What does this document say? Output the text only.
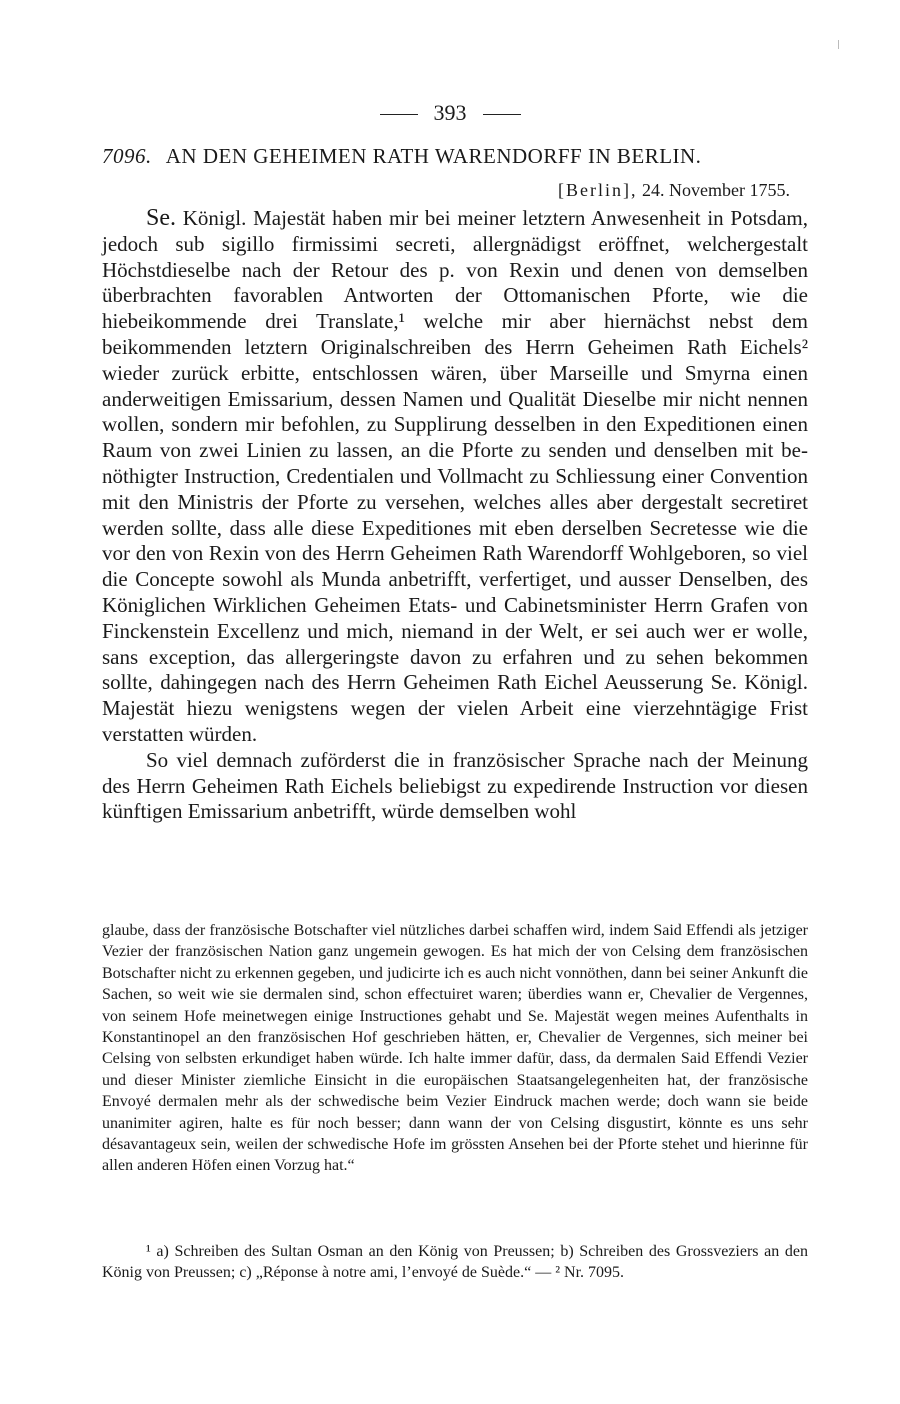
393
7096. AN DEN GEHEIMEN RATH WARENDORFF IN BERLIN.
[Berlin], 24. November 1755.

Se. Königl. Majestät haben mir bei meiner letztern Anwesenheit in Potsdam, jedoch sub sigillo firmissimi secreti, allergnädigst eröffnet, welchergestalt Höchstdieselbe nach der Retour des p. von Rexin und denen von demselben überbrachten favorablen Antworten der Ottomanischen Pforte, wie die hiebeikommende drei Translate,¹ welche mir aber hiernächst nebst dem beikommenden letztern Originalschreiben des Herrn Geheimen Rath Eichels² wieder zurück erbitte, entschlossen wären, über Marseille und Smyrna einen anderweitigen Emissarium, dessen Namen und Qualität Dieselbe mir nicht nennen wollen, sondern mir befohlen, zu Supplirung desselben in den Expeditionen einen Raum von zwei Linien zu lassen, an die Pforte zu senden und denselben mit benöthigter Instruction, Credentialen und Vollmacht zu Schliessung einer Convention mit den Ministris der Pforte zu versehen, welches alles aber dergestalt secretiret werden sollte, dass alle diese Expeditiones mit eben derselben Secretesse wie die vor den von Rexin von des Herrn Geheimen Rath Warendorff Wohlgeboren, so viel die Concepte sowohl als Munda anbetrifft, verfertiget, und ausser Denselben, des Königlichen Wirklichen Geheimen Etats- und Cabinetsminister Herrn Grafen von Finckenstein Excellenz und mich, niemand in der Welt, er sei auch wer er wolle, sans exception, das allergeringste davon zu erfahren und zu sehen bekommen sollte, dahingegen nach des Herrn Geheimen Rath Eichel Aeusserung Se. Königl. Majestät hiezu wenigstens wegen der vielen Arbeit eine vierzehntägige Frist verstatten würden.

So viel demnach zuförderst die in französischer Sprache nach der Meinung des Herrn Geheimen Rath Eichels beliebigst zu expedirende Instruction vor diesen künftigen Emissarium anbetrifft, würde demselben wohl

glaube, dass der französische Botschafter viel nützliches darbei schaffen wird, indem Said Effendi als jetziger Vezier der französischen Nation ganz ungemein gewogen. Es hat mich der von Celsing dem französischen Botschafter nicht zu erkennen gegeben, und judicirte ich es auch nicht vonnöthen, dann bei seiner Ankunft die Sachen, so weit wie sie dermalen sind, schon effectuiret waren; überdies wann er, Chevalier de Vergennes, von seinem Hofe meinetwegen einige Instructiones gehabt und Se. Majestät wegen meines Aufenthalts in Konstantinopel an den französischen Hof geschrieben hätten, er, Chevalier de Vergennes, sich meiner bei Celsing von selbsten erkundiget haben würde. Ich halte immer dafür, dass, da dermalen Said Effendi Vezier und dieser Minister ziemliche Einsicht in die europäischen Staatsangelegenheiten hat, der französische Envoyé dermalen mehr als der schwedische beim Vezier Eindruck machen werde; doch wann sie beide unanimiter agiren, halte es für noch besser; dann wann der von Celsing disgustirt, könnte es uns sehr désavantageux sein, weilen der schwedische Hofe im grössten Ansehen bei der Pforte stehet und hierinne für allen anderen Höfen einen Vorzug hat.“

¹ a) Schreiben des Sultan Osman an den König von Preussen; b) Schreiben des Grossveziers an den König von Preussen; c) „Réponse à notre ami, l’envoyé de Suède.“ — ² Nr. 7095.
